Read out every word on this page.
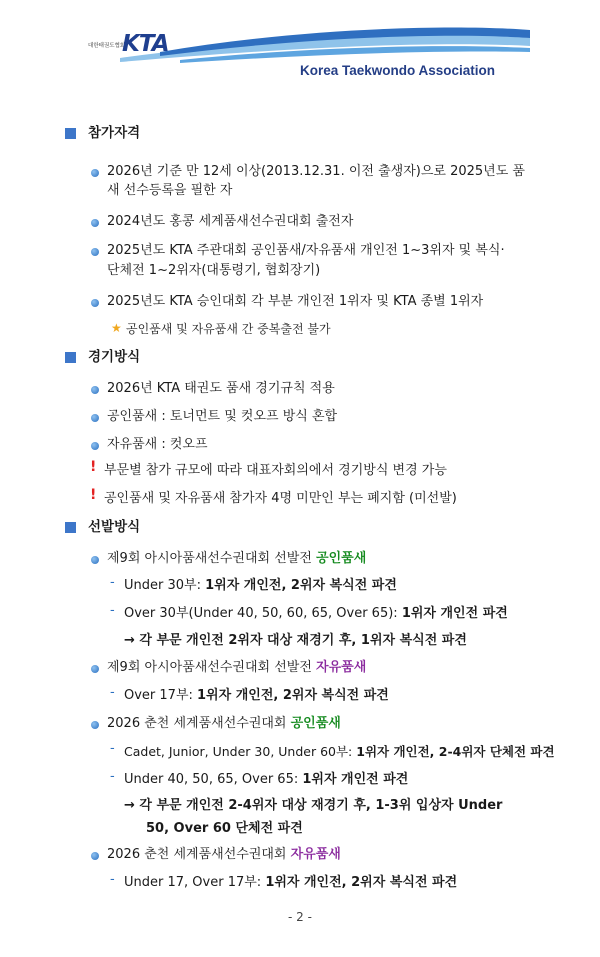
대한태권도협회
KTA
Korea Taekwondo Association
참가자격
2026년 기준 만 12세 이상(2013.12.31. 이전 출생자)으로 2025년도 품
새 선수등록을 필한 자
2024년도 홍콩 세계품새선수권대회 출전자
2025년도 KTA 주관대회 공인품새/자유품새 개인전 1~3위자 및 복식·
단체전 1~2위자(대통령기, 협회장기)
2025년도 KTA 승인대회 각 부분 개인전 1위자 및 KTA 종별 1위자
★ 공인품새 및 자유품새 간 중복출전 불가
경기방식
2026년 KTA 태권도 품새 경기규칙 적용
공인품새 : 토너먼트 및 컷오프 방식 혼합
자유품새 : 컷오프
! 부문별 참가 규모에 따라 대표자회의에서 경기방식 변경 가능
! 공인품새 및 자유품새 참가자 4명 미만인 부는 폐지함 (미선발)
선발방식
제9회 아시아품새선수권대회 선발전 공인품새
- Under 30부: 1위자 개인전, 2위자 복식전 파견
- Over 30부(Under 40, 50, 60, 65, Over 65): 1위자 개인전 파견
→ 각 부문 개인전 2위자 대상 재경기 후, 1위자 복식전 파견
제9회 아시아품새선수권대회 선발전 자유품새
- Over 17부: 1위자 개인전, 2위자 복식전 파견
2026 춘천 세계품새선수권대회 공인품새
- Cadet, Junior, Under 30, Under 60부: 1위자 개인전, 2-4위자 단체전 파견
- Under 40, 50, 65, Over 65: 1위자 개인전 파견
→ 각 부문 개인전 2-4위자 대상 재경기 후, 1-3위 입상자 Under
50, Over 60 단체전 파견
2026 춘천 세계품새선수권대회 자유품새
- Under 17, Over 17부: 1위자 개인전, 2위자 복식전 파견
- 2 -
